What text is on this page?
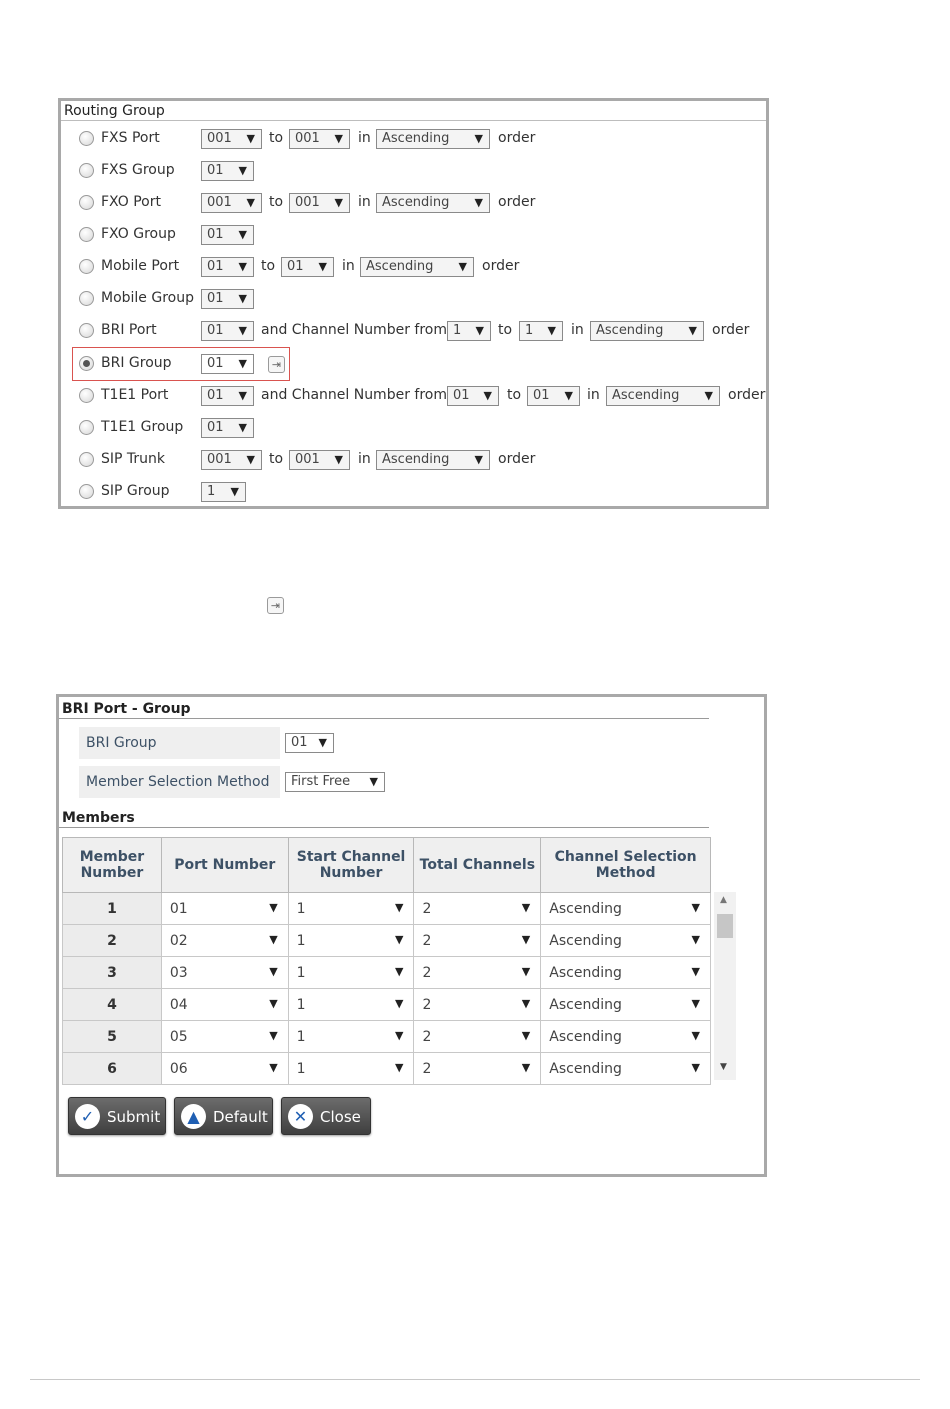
Routing Group
FXS Port	001 ▼ to 001 ▼ in Ascending ▼ order
FXS Group	01 ▼
FXO Port	001 ▼ to 001 ▼ in Ascending ▼ order
FXO Group	01 ▼
Mobile Port	01 ▼ to 01 ▼ in Ascending ▼ order
Mobile Group	01 ▼
BRI Port	01 ▼ and Channel Number from 1 ▼ to 1 ▼ in Ascending ▼ order
BRI Group	01 ▼	⇥
T1E1 Port	01 ▼ and Channel Number from 01 ▼ to 01 ▼ in Ascending ▼ order
T1E1 Group	01 ▼
SIP Trunk	001 ▼ to 001 ▼ in Ascending ▼ order
SIP Group	1 ▼
⇥
BRI Port - Group
BRI Group	01 ▼
Member Selection Method	First Free ▼
Members
Member Number	Port Number	Start Channel Number	Total Channels	Channel Selection Method
1	01 ▼	1 ▼	2 ▼	Ascending ▼

2	02 ▼	1 ▼	2 ▼	Ascending ▼

3	03 ▼	1 ▼	2 ▼	Ascending ▼

4	04 ▼	1 ▼	2 ▼	Ascending ▼

5	05 ▼	1 ▼	2 ▼	Ascending ▼

6	06 ▼	1 ▼	2 ▼	Ascending ▼
▲
▼
✓ Submit	▲ Default	✕ Close
